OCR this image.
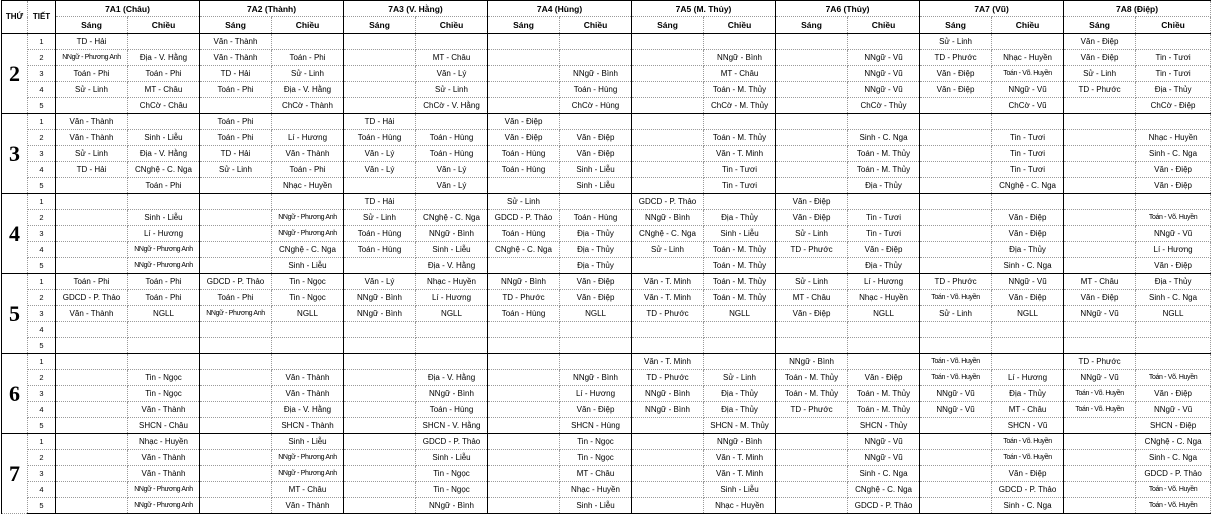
THỨ	TIẾT	7A1 (Châu)		7A2 (Thành)		7A3 (V. Hằng)		7A4 (Hùng)		7A5 (M. Thủy)		7A6 (Thủy)		7A7 (Vũ)		7A8 (Điệp)	
		Sáng	Chiều	Sáng	Chiều	Sáng	Chiều	Sáng	Chiều	Sáng	Chiều	Sáng	Chiều	Sáng	Chiều	Sáng	Chiều
2	1	TD - Hải		Văn - Thành										Sử - Linh		Văn - Điệp	
	2	NNgữ - Phương Anh	Địa - V. Hằng	Văn - Thành	Toán - Phi		MT - Châu				NNgữ - Bình		NNgữ - Vũ	TD - Phước	Nhạc - Huyền	Văn - Điệp	Tin - Tươi
	3	Toán - Phi	Toán - Phi	TD - Hải	Sử - Linh		Văn - Lý		NNgữ - Bình		MT - Châu		NNgữ - Vũ	Văn - Điệp	Toán - Võ. Huyền	Sử - Linh	Tin - Tươi
	4	Sử - Linh	MT - Châu	Toán - Phi	Địa - V. Hằng		Sử - Linh		Toán - Hùng		Toán - M. Thủy		NNgữ - Vũ	Văn - Điệp	NNgữ - Vũ	TD - Phước	Địa - Thủy
	5		ChCờ - Châu		ChCờ - Thành		ChCờ - V. Hằng		ChCờ - Hùng		ChCờ - M. Thủy		ChCờ - Thủy		ChCờ - Vũ		ChCờ - Điệp
3	1	Văn - Thành		Toán - Phi		TD - Hải		Văn - Điệp									
	2	Văn - Thành	Sinh - Liễu	Toán - Phi	Lí - Hương	Toán - Hùng	Toán - Hùng	Văn - Điệp	Văn - Điệp		Toán - M. Thủy		Sinh - C. Nga		Tin - Tươi		Nhạc - Huyền
	3	Sử - Linh	Địa - V. Hằng	TD - Hải	Văn - Thành	Văn - Lý	Toán - Hùng	Toán - Hùng	Văn - Điệp		Văn - T. Minh		Toán - M. Thủy		Tin - Tươi		Sinh - C. Nga
	4	TD - Hải	CNghệ - C. Nga	Sử - Linh	Toán - Phi	Văn - Lý	Văn - Lý	Toán - Hùng	Sinh - Liễu		Tin - Tươi		Toán - M. Thủy		Tin - Tươi		Văn - Điệp
	5		Toán - Phi		Nhạc - Huyền		Văn - Lý		Sinh - Liễu		Tin - Tươi		Địa - Thủy		CNghệ - C. Nga		Văn - Điệp
4	1					TD - Hải		Sử - Linh		GDCD - P. Thảo		Văn - Điệp					
	2		Sinh - Liễu		NNgữ - Phương Anh	Sử - Linh	CNghệ - C. Nga	GDCD - P. Thảo	Toán - Hùng	NNgữ - Bình	Địa - Thủy	Văn - Điệp	Tin - Tươi		Văn - Điệp		Toán - Võ. Huyền
	3		Lí - Hương		NNgữ - Phương Anh	Toán - Hùng	NNgữ - Bình	Toán - Hùng	Địa - Thủy	CNghệ - C. Nga	Sinh - Liễu	Sử - Linh	Tin - Tươi		Văn - Điệp		NNgữ - Vũ
	4		NNgữ - Phương Anh		CNghệ - C. Nga	Toán - Hùng	Sinh - Liễu	CNghệ - C. Nga	Địa - Thủy	Sử - Linh	Toán - M. Thủy	TD - Phước	Văn - Điệp		Địa - Thủy		Lí - Hương
	5		NNgữ - Phương Anh		Sinh - Liễu		Địa - V. Hằng		Địa - Thủy		Toán - M. Thủy		Địa - Thủy		Sinh - C. Nga		Văn - Điệp
5	1	Toán - Phi	Toán - Phi	GDCD - P. Thảo	Tin - Ngọc	Văn - Lý	Nhạc - Huyền	NNgữ - Bình	Văn - Điệp	Văn - T. Minh	Toán - M. Thủy	Sử - Linh	Lí - Hương	TD - Phước	NNgữ - Vũ	MT - Châu	Địa - Thủy
	2	GDCD - P. Thảo	Toán - Phi	Toán - Phi	Tin - Ngọc	NNgữ - Bình	Lí - Hương	TD - Phước	Văn - Điệp	Văn - T. Minh	Toán - M. Thủy	MT - Châu	Nhạc - Huyền	Toán - Võ. Huyền	Văn - Điệp	Văn - Điệp	Sinh - C. Nga
	3	Văn - Thành	NGLL	NNgữ - Phương Anh	NGLL	NNgữ - Bình	NGLL	Toán - Hùng	NGLL	TD - Phước	NGLL	Văn - Điệp	NGLL	Sử - Linh	NGLL	NNgữ - Vũ	NGLL
	4																
	5																
6	1									Văn - T. Minh		NNgữ - Bình		Toán - Võ. Huyền		TD - Phước	
	2		Tin - Ngọc		Văn - Thành		Địa - V. Hằng		NNgữ - Bình	TD - Phước	Sử - Linh	Toán - M. Thủy	Văn - Điệp	Toán - Võ. Huyền	Lí - Hương	NNgữ - Vũ	Toán - Võ. Huyền
	3		Tin - Ngọc		Văn - Thành		NNgữ - Bình		Lí - Hương	NNgữ - Bình	Địa - Thủy	Toán - M. Thủy	Toán - M. Thủy	NNgữ - Vũ	Địa - Thủy	Toán - Võ. Huyền	Văn - Điệp
	4		Văn - Thành		Địa - V. Hằng		Toán - Hùng		Văn - Điệp	NNgữ - Bình	Địa - Thủy	TD - Phước	Toán - M. Thủy	NNgữ - Vũ	MT - Châu	Toán - Võ. Huyền	NNgữ - Vũ
	5		SHCN - Châu		SHCN - Thành		SHCN - V. Hằng		SHCN - Hùng		SHCN - M. Thủy		SHCN - Thủy		SHCN - Vũ		SHCN - Điệp
7	1		Nhạc - Huyền		Sinh - Liễu		GDCD - P. Thảo		Tin - Ngọc		NNgữ - Bình		NNgữ - Vũ		Toán - Võ. Huyền		CNghệ - C. Nga
	2		Văn - Thành		NNgữ - Phương Anh		Sinh - Liễu		Tin - Ngọc		Văn - T. Minh		NNgữ - Vũ		Toán - Võ. Huyền		Sinh - C. Nga
	3		Văn - Thành		NNgữ - Phương Anh		Tin - Ngọc		MT - Châu		Văn - T. Minh		Sinh - C. Nga		Văn - Điệp		GDCD - P. Thảo
	4		NNgữ - Phương Anh		MT - Châu		Tin - Ngọc		Nhạc - Huyền		Sinh - Liễu		CNghệ - C. Nga		GDCD - P. Thảo		Toán - Võ. Huyền
	5		NNgữ - Phương Anh		Văn - Thành		NNgữ - Bình		Sinh - Liễu		Nhạc - Huyền		GDCD - P. Thảo		Sinh - C. Nga		Toán - Võ. Huyền
